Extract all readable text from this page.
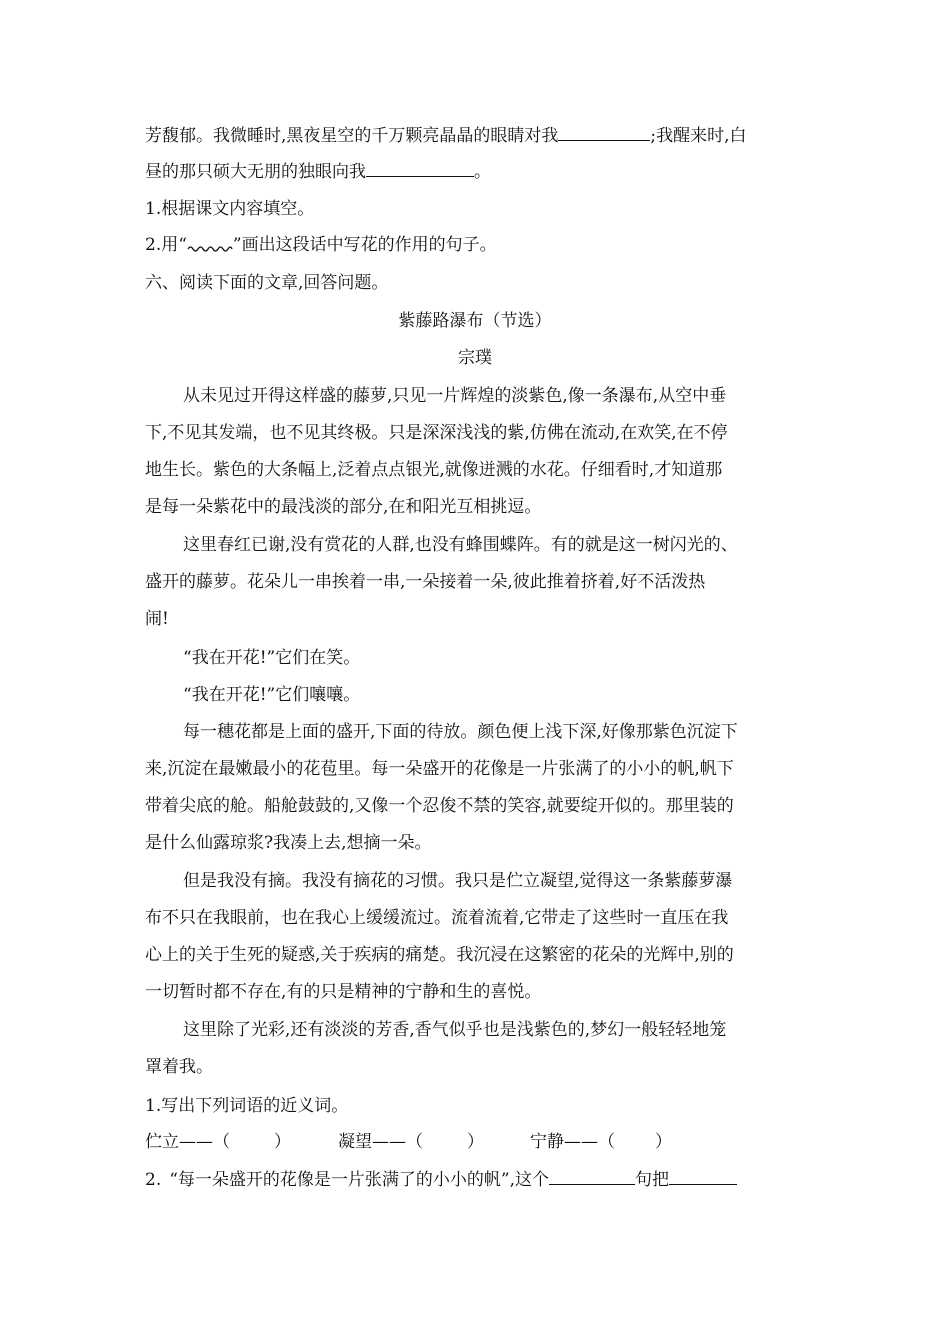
芳馥郁。我微睡时,黑夜星空的千万颗亮晶晶的眼睛对我	;我醒来时,白
昼的那只硕大无朋的独眼向我	。
1.根据课文内容填空。
2.用“	”画出这段话中写花的作用的句子。
六、阅读下面的文章,回答问题。
紫藤路瀑布（节选）
宗璞
从未见过开得这样盛的藤萝,只见一片辉煌的淡紫色,像一条瀑布,从空中垂
下,不见其发端，也不见其终极。只是深深浅浅的紫,仿佛在流动,在欢笑,在不停
地生长。紫色的大条幅上,泛着点点银光,就像迸溅的水花。仔细看时,才知道那
是每一朵紫花中的最浅淡的部分,在和阳光互相挑逗。
这里春红已谢,没有赏花的人群,也没有蜂围蝶阵。有的就是这一树闪光的、
盛开的藤萝。花朵儿一串挨着一串,一朵接着一朵,彼此推着挤着,好不活泼热
闹!
“我在开花!”它们在笑。
“我在开花!”它们嚷嚷。
每一穗花都是上面的盛开,下面的待放。颜色便上浅下深,好像那紫色沉淀下
来,沉淀在最嫩最小的花苞里。每一朵盛开的花像是一片张满了的小小的帆,帆下
带着尖底的舱。船舱鼓鼓的,又像一个忍俊不禁的笑容,就要绽开似的。那里装的
是什么仙露琼浆?我凑上去,想摘一朵。
但是我没有摘。我没有摘花的习惯。我只是伫立凝望,觉得这一条紫藤萝瀑
布不只在我眼前，也在我心上缓缓流过。流着流着,它带走了这些时一直压在我
心上的关于生死的疑惑,关于疾病的痛楚。我沉浸在这繁密的花朵的光辉中,别的
一切暂时都不存在,有的只是精神的宁静和生的喜悦。
这里除了光彩,还有淡淡的芳香,香气似乎也是浅紫色的,梦幻一般轻轻地笼
罩着我。
1.写出下列词语的近义词。
伫立——（	）	凝望——（	）	宁静——（ ）
2. “每一朵盛开的花像是一片张满了的小小的帆”,这个	句把
